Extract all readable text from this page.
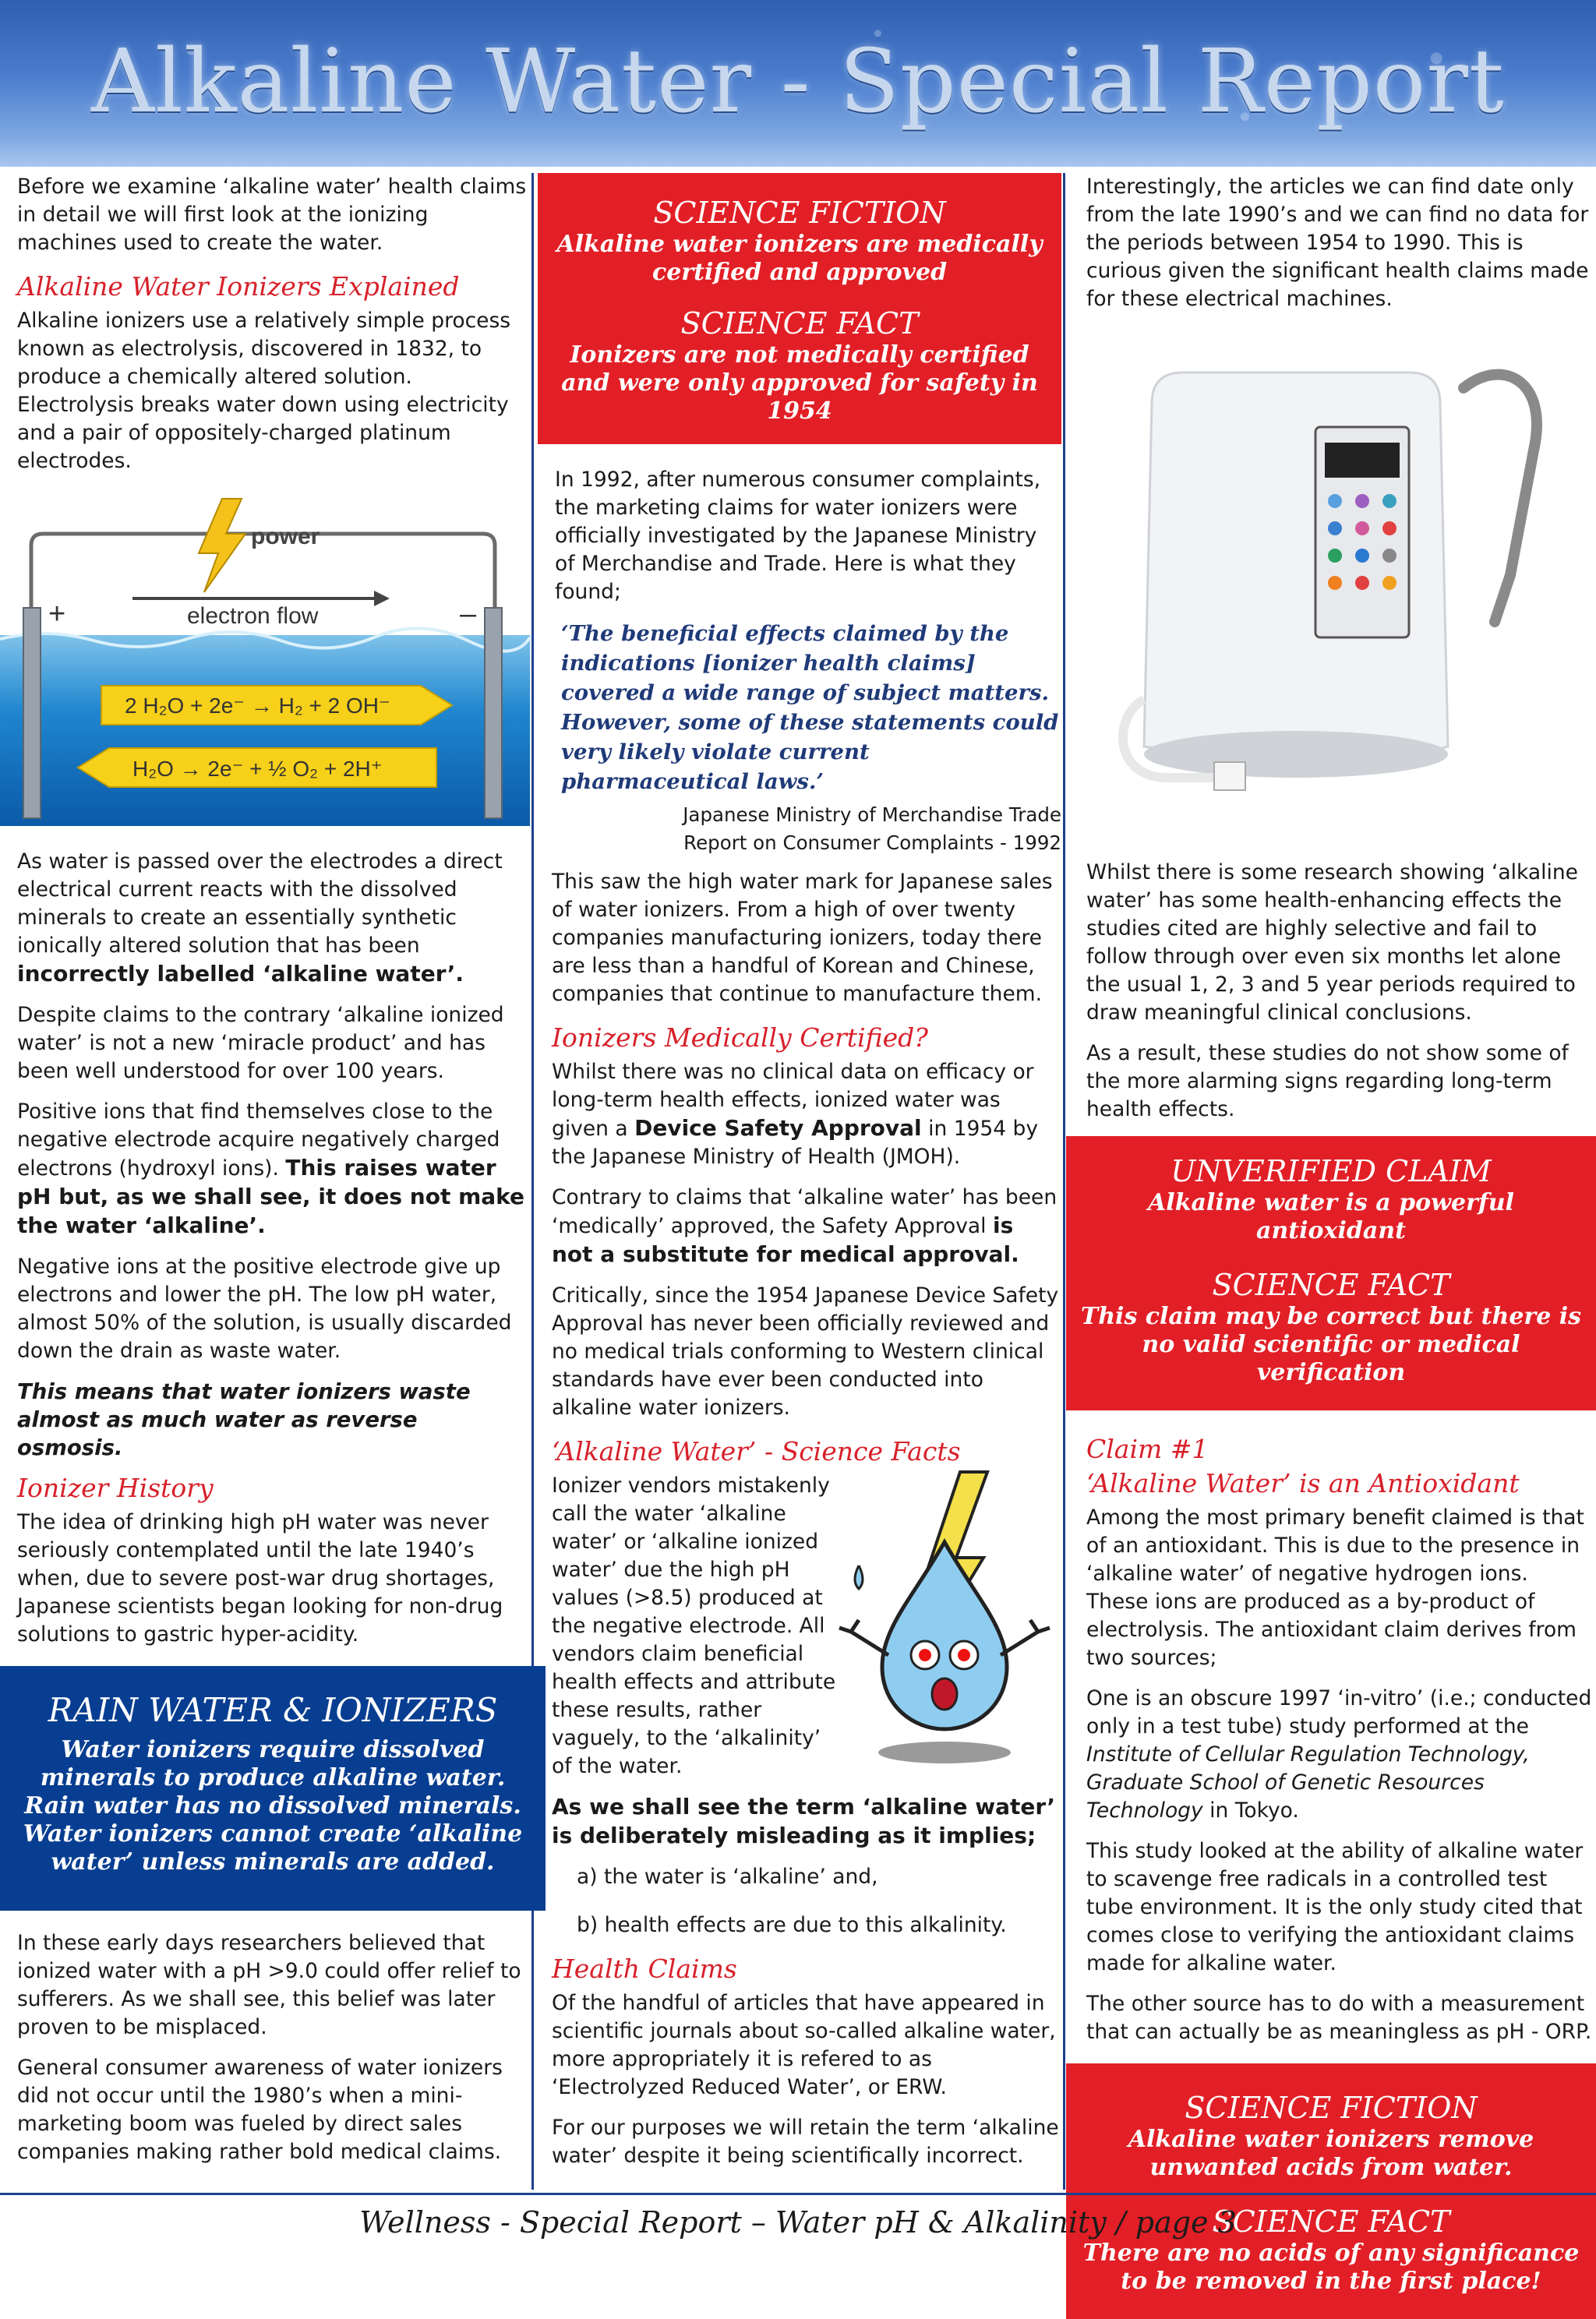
Alkaline Water - Special Report

Before we examine ‘alkaline water’ health claims in detail we will first look at the ionizing machines used to create the water.

Alkaline Water Ionizers Explained

Alkaline ionizers use a relatively simple process known as electrolysis, discovered in 1832, to produce a chemically altered solution. Electrolysis breaks water down using electricity and a pair of oppositely-charged platinum electrodes.

power
+	–
electron flow
2 H₂O + 2e⁻ → H₂ + 2 OH⁻
H₂O → 2e⁻ + ½ O₂ + 2H⁺

As water is passed over the electrodes a direct electrical current reacts with the dissolved minerals to create an essentially synthetic ionically altered solution that has been incorrectly labelled ‘alkaline water’.

Despite claims to the contrary ‘alkaline ionized water’ is not a new ‘miracle product’ and has been well understood for over 100 years.

Positive ions that find themselves close to the negative electrode acquire negatively charged electrons (hydroxyl ions). This raises water pH but, as we shall see, it does not make the water ‘alkaline’.

Negative ions at the positive electrode give up electrons and lower the pH. The low pH water, almost 50% of the solution, is usually discarded down the drain as waste water.

This means that water ionizers waste almost as much water as reverse osmosis.

Ionizer History

The idea of drinking high pH water was never seriously contemplated until the late 1940’s when, due to severe post-war drug shortages, Japanese scientists began looking for non-drug solutions to gastric hyper-acidity.

RAIN WATER & IONIZERS
Water ionizers require dissolved minerals to produce alkaline water. Rain water has no dissolved minerals. Water ionizers cannot create ‘alkaline water’ unless minerals are added.

In these early days researchers believed that ionized water with a pH >9.0 could offer relief to sufferers. As we shall see, this belief was later proven to be misplaced.

General consumer awareness of water ionizers did not occur until the 1980’s when a mini-marketing boom was fueled by direct sales companies making rather bold medical claims.

SCIENCE FICTION
Alkaline water ionizers are medically certified and approved
SCIENCE FACT
Ionizers are not medically certified and were only approved for safety in 1954

In 1992, after numerous consumer complaints, the marketing claims for water ionizers were officially investigated by the Japanese Ministry of Merchandise and Trade. Here is what they found;

‘The beneficial effects claimed by the indications [ionizer health claims] covered a wide range of subject matters. However, some of these statements could very likely violate current pharmaceutical laws.’
Japanese Ministry of Merchandise Trade
Report on Consumer Complaints - 1992

This saw the high water mark for Japanese sales of water ionizers. From a high of over twenty companies manufacturing ionizers, today there are less than a handful of Korean and Chinese, companies that continue to manufacture them.

Ionizers Medically Certified?

Whilst there was no clinical data on efficacy or long-term health effects, ionized water was given a Device Safety Approval in 1954 by the Japanese Ministry of Health (JMOH).

Contrary to claims that ‘alkaline water’ has been ‘medically’ approved, the Safety Approval is not a substitute for medical approval.

Critically, since the 1954 Japanese Device Safety Approval has never been officially reviewed and no medical trials conforming to Western clinical standards have ever been conducted into alkaline water ionizers.

‘Alkaline Water’ - Science Facts

Ionizer vendors mistakenly call the water ‘alkaline water’ or ‘alkaline ionized water’ due the high pH values (>8.5) produced at the negative electrode. All vendors claim beneficial health effects and attribute these results, rather vaguely, to the ‘alkalinity’ of the water.

As we shall see the term ‘alkaline water’ is deliberately misleading as it implies;

a) the water is ‘alkaline’ and,

b) health effects are due to this alkalinity.

Health Claims

Of the handful of articles that have appeared in scientific journals about so-called alkaline water, more appropriately it is refered to as ‘Electrolyzed Reduced Water’, or ERW.

For our purposes we will retain the term ‘alkaline water’ despite it being scientifically incorrect.

Interestingly, the articles we can find date only from the late 1990’s and we can find no data for the periods between 1954 to 1990. This is curious given the significant health claims made for these electrical machines.

Whilst there is some research showing ‘alkaline water’ has some health-enhancing effects the studies cited are highly selective and fail to follow through over even six months let alone the usual 1, 2, 3 and 5 year periods required to draw meaningful clinical conclusions.

As a result, these studies do not show some of the more alarming signs regarding long-term health effects.

UNVERIFIED CLAIM
Alkaline water is a powerful antioxidant
SCIENCE FACT
This claim may be correct but there is no valid scientific or medical verification
Claim #1
‘Alkaline Water’ is an Antioxidant

Among the most primary benefit claimed is that of an antioxidant. This is due to the presence in ‘alkaline water’ of negative hydrogen ions. These ions are produced as a by-product of electrolysis. The antioxidant claim derives from two sources;

One is an obscure 1997 ‘in-vitro’ (i.e.; conducted only in a test tube) study performed at the Institute of Cellular Regulation Technology, Graduate School of Genetic Resources Technology in Tokyo.

This study looked at the ability of alkaline water to scavenge free radicals in a controlled test tube environment. It is the only study cited that comes close to verifying the antioxidant claims made for alkaline water.

The other source has to do with a measurement that can actually be as meaningless as pH - ORP.

SCIENCE FICTION
Alkaline water ionizers remove unwanted acids from water.
SCIENCE FACT
There are no acids of any significance to be removed in the first place!
Wellness - Special Report – Water pH & Alkalinity / page 3
